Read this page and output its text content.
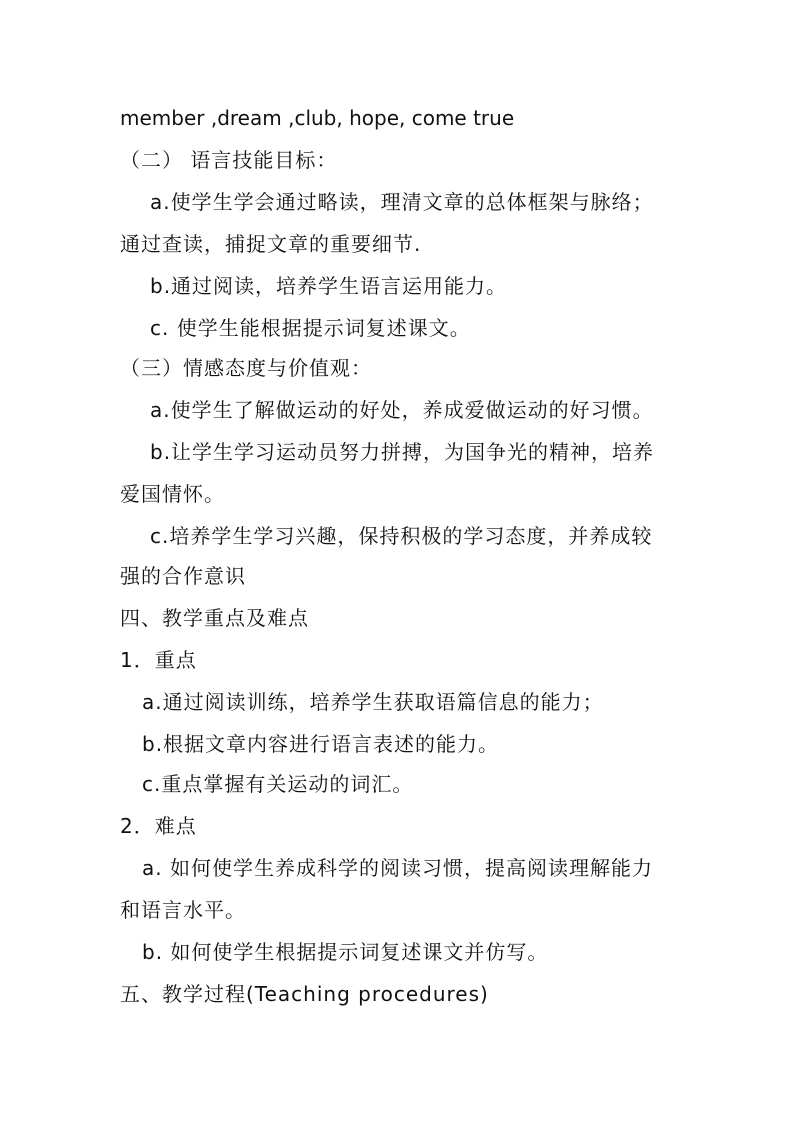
member ,dream ,club, hope, come true
（二） 语言技能目标：
a.使学生学会通过略读，理清文章的总体框架与脉络；
通过查读，捕捉文章的重要细节.
b.通过阅读，培养学生语言运用能力。
c. 使学生能根据提示词复述课文。
（三）情感态度与价值观：
a.使学生了解做运动的好处，养成爱做运动的好习惯。
b.让学生学习运动员努力拼搏，为国争光的精神，培养
爱国情怀。
c.培养学生学习兴趣，保持积极的学习态度，并养成较
强的合作意识
四、教学重点及难点
1．重点
a.通过阅读训练，培养学生获取语篇信息的能力；
b.根据文章内容进行语言表述的能力。
c.重点掌握有关运动的词汇。
2．难点
a. 如何使学生养成科学的阅读习惯，提高阅读理解能力
和语言水平。
b. 如何使学生根据提示词复述课文并仿写。
五、教学过程(Teaching procedures)
